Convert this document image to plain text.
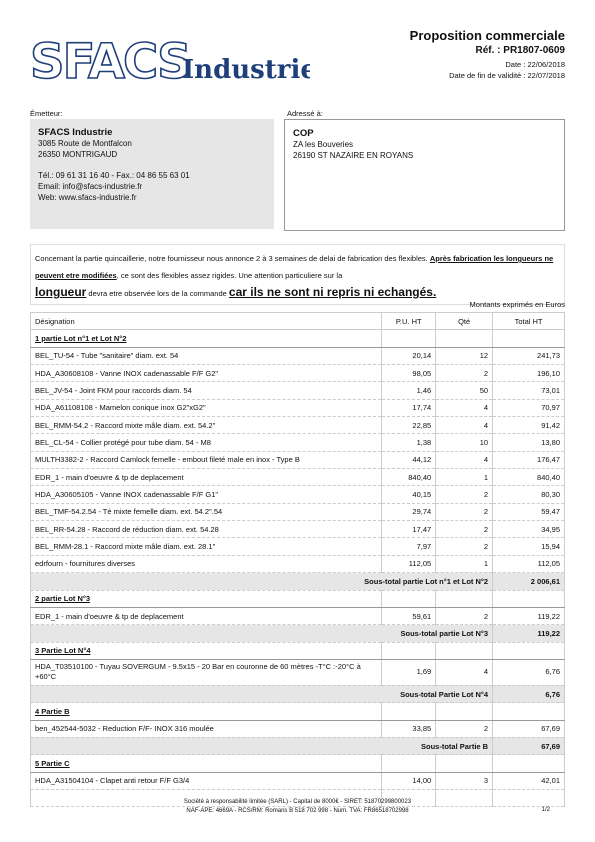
SFACS
Industrie
Proposition commerciale
Réf. : PR1807-0609
Date : 22/06/2018
Date de fin de validité : 22/07/2018
Émetteur:	Adressé à:
SFACS Industrie
3085 Route de Montfalcon
26350 MONTRIGAUD
Tél.: 09 61 31 16 40 - Fax.: 04 86 55 63 01
Email: info@sfacs-industrie.fr
Web: www.sfacs-industrie.fr
COP
ZA les Bouveries
26190 ST NAZAIRE EN ROYANS
Concernant la partie quincaillerie, notre fournisseur nous annonce 2 à 3 semaines de delai de fabrication des flexibles. Après fabrication les longueurs ne peuvent etre modifiées, ce sont des flexibles assez rigides. Une attention particuliere sur la
longueur devra etre observée lors de la commande car ils ne sont ni repris ni echangés.
Montants exprimés en Euros
Désignation	P.U. HT	Qté	Total HT
1 partie Lot n°1 et Lot N°2			
BEL_TU-54 - Tube "sanitaire" diam. ext. 54	20,14	12	241,73
HDA_A30608108 - Vanne INOX cadenassable F/F G2"	98,05	2	196,10
BEL_JV-54 - Joint FKM pour raccords diam. 54	1,46	50	73,01
HDA_A61108108 - Mamelon conique inox G2"xG2"	17,74	4	70,97
BEL_RMM-54.2 - Raccord mixte mâle diam. ext. 54.2"	22,85	4	91,42
BEL_CL-54 - Collier protégé pour tube diam. 54 - M8	1,38	10	13,80
MULTH3382-2 - Raccord Camlock femelle - embout fileté male en inox - Type B	44,12	4	176,47
EDR_1 - main d'oeuvre & tp de deplacement	840,40	1	840,40
HDA_A30605105 - Vanne INOX cadenassable F/F G1"	40,15	2	80,30
BEL_TMF-54.2.54 - Té mixte femelle diam. ext. 54.2".54	29,74	2	59,47
BEL_RR-54.28 - Raccord de réduction diam. ext. 54.28	17,47	2	34,95
BEL_RMM-28.1 - Raccord mixte mâle diam. ext. 28.1"	7,97	2	15,94
edrfourn - fournitures diverses	112,05	1	112,05
Sous-total partie Lot n°1 et Lot N°2			2 006,61
2 partie Lot N°3			
EDR_1 - main d'oeuvre & tp de deplacement	59,61	2	119,22
Sous-total partie Lot N°3			119,22
3 Partie Lot N°4			
HDA_T03510100 - Tuyau SOVERGUM - 9.5x15 - 20 Bar en couronne de 60 mètres -T°C :-20°C à +60°C	1,69	4	6,76
Sous-total Partie Lot N°4			6,76
4 Partie B			
ben_452544-5032 - Reduction F/F- INOX 316 moulée	33,85	2	67,69
Sous-total Partie B			67,69
5 Partie C			
HDA_A31504104 - Clapet anti retour F/F G3/4	14,00	3	42,01

Société à responsabilité limitée (SARL) - Capital de 8000€ - SIRET: 51870299800023
NAF-APE: 4669A - RCS/RM: Romans B 518 702 998 - Num. TVA: FR86518702998	1/2
